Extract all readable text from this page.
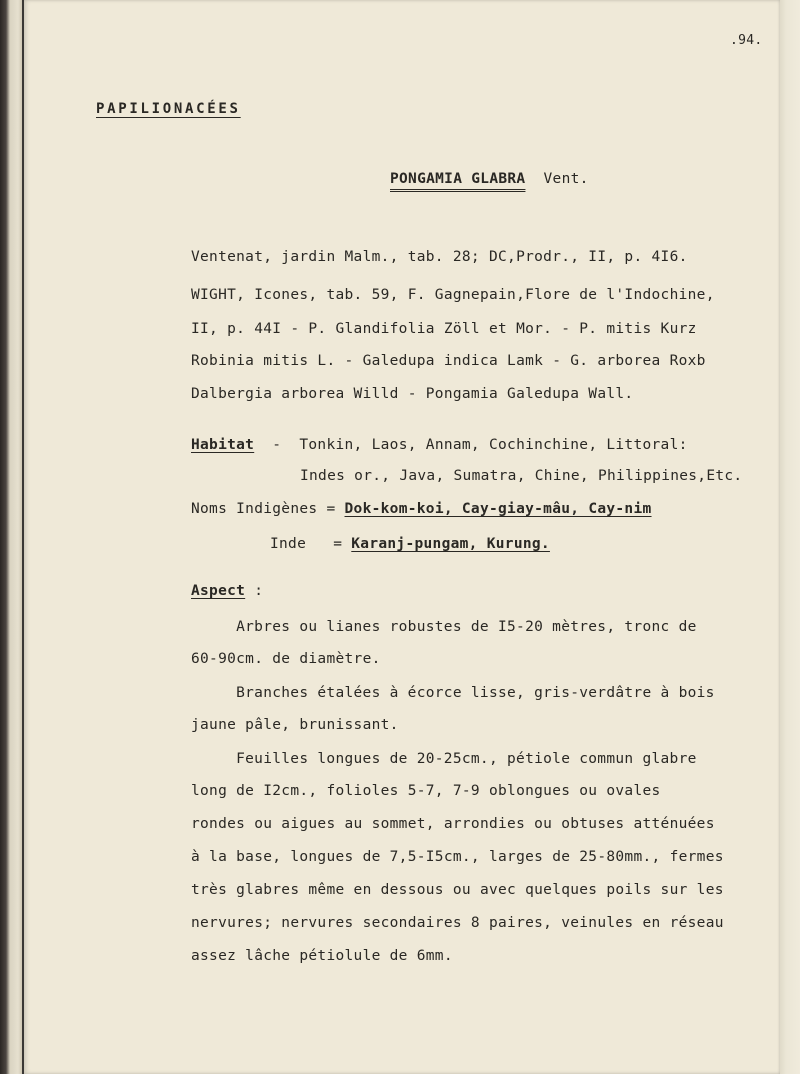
.94.
PAPILIONACÉES
PONGAMIA GLABRA Vent.
Ventenat, jardin Malm., tab. 28; DC,Prodr., II, p. 4I6.
WIGHT, Icones, tab. 59, F. Gagnepain,Flore de l'Indochine,
II, p. 44I - P. Glandifolia Zöll et Mor. - P. mitis Kurz
Robinia mitis L. - Galedupa indica Lamk - G. arborea Roxb
Dalbergia arborea Willd - Pongamia Galedupa Wall.
Habitat  -  Tonkin, Laos, Annam, Cochinchine, Littoral:
Indes or., Java, Sumatra, Chine, Philippines,Etc.
Noms Indigènes = Dok-kom-koi, Cay-giay-mâu, Cay-nim
Inde   = Karanj-pungam, Kurung.
Aspect :
Arbres ou lianes robustes de I5-20 mètres, tronc de
60-90cm. de diamètre.
Branches étalées à écorce lisse, gris-verdâtre à bois
jaune pâle, brunissant.
Feuilles longues de 20-25cm., pétiole commun glabre
long de I2cm., folioles 5-7, 7-9 oblongues ou ovales
rondes ou aigues au sommet, arrondies ou obtuses atténuées
à la base, longues de 7,5-I5cm., larges de 25-80mm., fermes
très glabres même en dessous ou avec quelques poils sur les
nervures; nervures secondaires 8 paires, veinules en réseau
assez lâche pétiolule de 6mm.
